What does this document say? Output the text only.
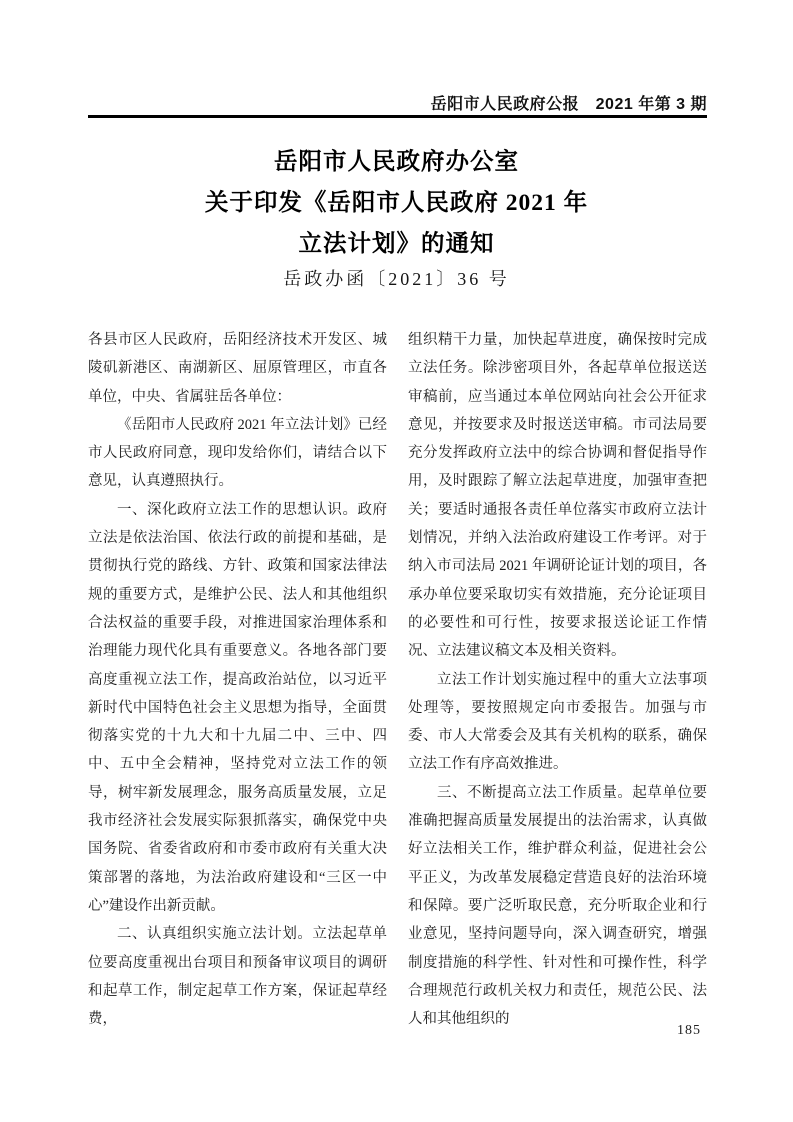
岳阳市人民政府公报　2021 年第 3 期
岳阳市人民政府办公室
关于印发《岳阳市人民政府 2021 年
立法计划》的通知
岳政办函〔2021〕36 号

各县市区人民政府，岳阳经济技术开发区、城陵矶新港区、南湖新区、屈原管理区，市直各单位，中央、省属驻岳各单位：

《岳阳市人民政府 2021 年立法计划》已经市人民政府同意，现印发给你们，请结合以下意见，认真遵照执行。

一、深化政府立法工作的思想认识。政府立法是依法治国、依法行政的前提和基础，是贯彻执行党的路线、方针、政策和国家法律法规的重要方式，是维护公民、法人和其他组织合法权益的重要手段，对推进国家治理体系和治理能力现代化具有重要意义。各地各部门要高度重视立法工作，提高政治站位，以习近平新时代中国特色社会主义思想为指导，全面贯彻落实党的十九大和十九届二中、三中、四中、五中全会精神，坚持党对立法工作的领导，树牢新发展理念，服务高质量发展，立足我市经济社会发展实际狠抓落实，确保党中央国务院、省委省政府和市委市政府有关重大决策部署的落地，为法治政府建设和“三区一中心”建设作出新贡献。

二、认真组织实施立法计划。立法起草单位要高度重视出台项目和预备审议项目的调研和起草工作，制定起草工作方案，保证起草经费，

组织精干力量，加快起草进度，确保按时完成立法任务。除涉密项目外，各起草单位报送送审稿前，应当通过本单位网站向社会公开征求意见，并按要求及时报送送审稿。市司法局要充分发挥政府立法中的综合协调和督促指导作用，及时跟踪了解立法起草进度，加强审查把关；要适时通报各责任单位落实市政府立法计划情况，并纳入法治政府建设工作考评。对于纳入市司法局 2021 年调研论证计划的项目，各承办单位要采取切实有效措施，充分论证项目的必要性和可行性，按要求报送论证工作情况、立法建议稿文本及相关资料。

立法工作计划实施过程中的重大立法事项处理等，要按照规定向市委报告。加强与市委、市人大常委会及其有关机构的联系，确保立法工作有序高效推进。

三、不断提高立法工作质量。起草单位要准确把握高质量发展提出的法治需求，认真做好立法相关工作，维护群众利益，促进社会公平正义，为改革发展稳定营造良好的法治环境和保障。要广泛听取民意，充分听取企业和行业意见，坚持问题导向，深入调查研究，增强制度措施的科学性、针对性和可操作性，科学合理规范行政机关权力和责任，规范公民、法人和其他组织的

185
